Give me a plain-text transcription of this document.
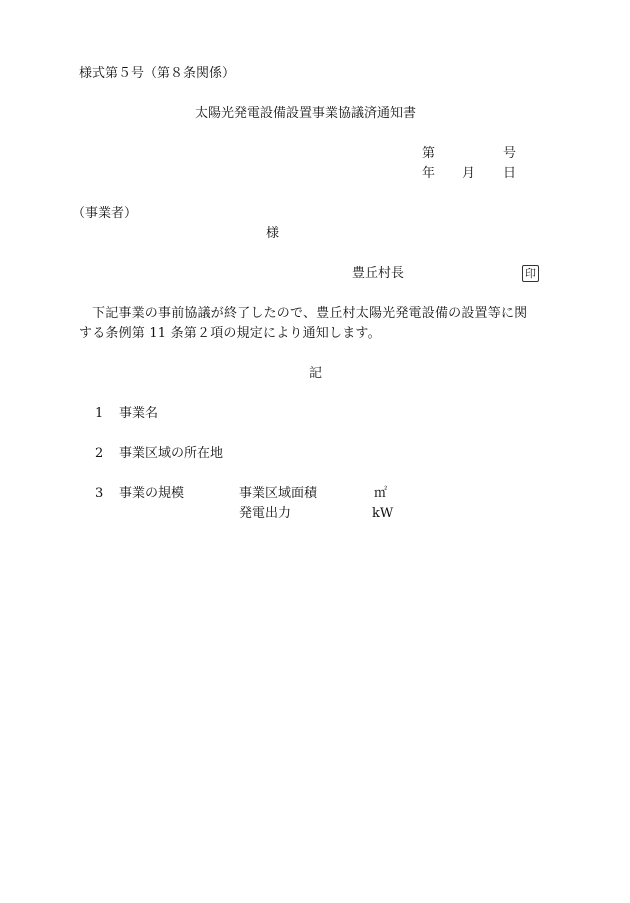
様式第５号（第８条関係）
太陽光発電設備設置事業協議済通知書
第	号
年 月 日
（事業者）
様
豊丘村長	印
下記事業の事前協議が終了したので、豊丘村太陽光発電設備の設置等に関
する条例第 11 条第２項の規定により通知します。
記
1 事業名
2 事業区域の所在地
3 事業の規模	事業区域面積	㎡
発電出力	kW
